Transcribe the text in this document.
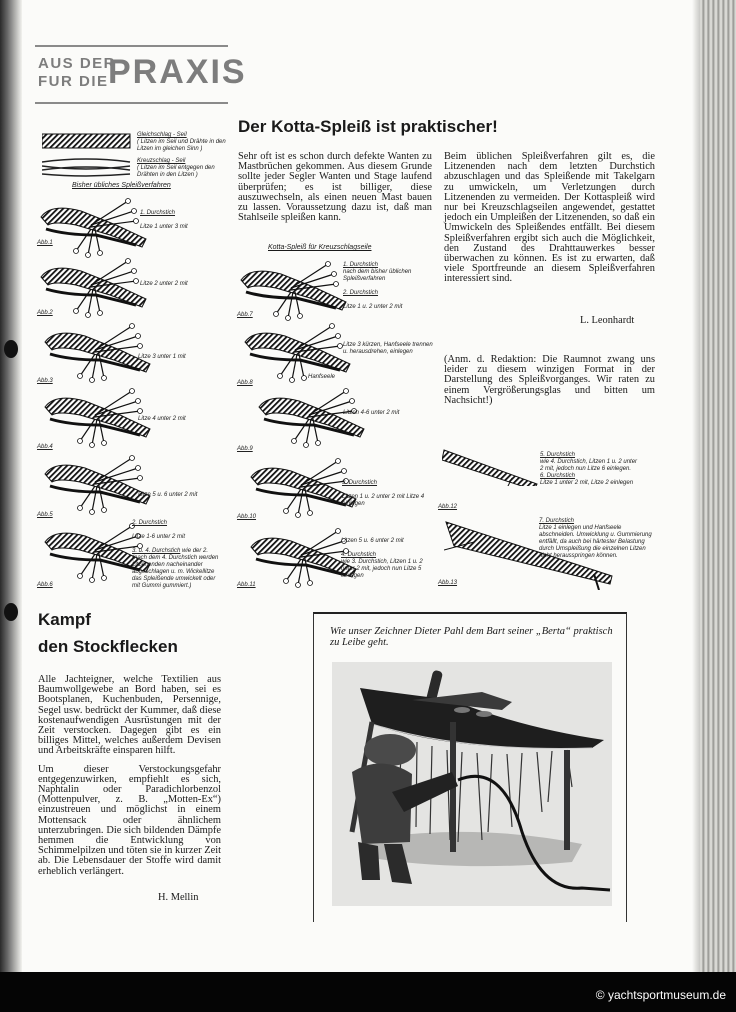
AUS DER
FUR DIE PRAXIS
Gleichschlag - Seil
( Litzen im Seil und Drähte in den Litzen im gleichen Sinn )
Kreuzschlag - Seil
( Litzen im Seil entgegen den Drähten in den Litzen )
Bisher übliches Spleißverfahren
1. Durchstich

Litze 1 unter 3 mit
Abb.1
Litze 2 unter 2 mit
Abb.2
Litze 3 unter 1 mit
Abb.3
Litze 4 unter 2 mit
Abb.4
Litze 5 u. 6 unter 2 mit
Abb.5
2. Durchstich

Litze 1-6 unter 2 mit

3. u. 4. Durchstich wie der 2. (nach dem 4. Durchstich werden Litzenenden nacheinander abgeschlagen u. m. Wickellitze das Spleißende umwickelt oder mit Gummi gummiert.)
Abb.6
Der Kotta-Spleiß ist praktischer!
Sehr oft ist es schon durch defekte Wanten zu Mastbrüchen gekommen. Aus diesem Grunde sollte jeder Segler Wanten und Stage laufend überprüfen; es ist billiger, diese auszuwechseln, als einen neuen Mast bauen zu lassen. Voraussetzung dazu ist, daß man Stahlseile spleißen kann.
Kotta-Spleiß für Kreuzschlagseile
1. Durchstich
nach dem bisher üblichen Spleißverfahren

2. Durchstich

Litze 1 u. 2 unter 2 mit
Abb.7
Litze 3 kürzen, Hanfseele trennen u. herausdrehen, einlegen
Hanfseele
Abb.8
Litzen 4-6 unter 2 mit
Abb.9
3. Durchstich

Litzen 1 u. 2 unter 2 mit Litze 4 einlegen
Abb.10
Litzen 5 u. 6 unter 2 mit

4. Durchstich
wie 3. Durchstich, Litzen 1 u. 2 unter 2 mit, jedoch nun Litze 5 einlegen
Abb.11
Beim üblichen Spleißverfahren gilt es, die Litzenenden nach dem letzten Durchstich abzuschlagen und das Spleißende mit Takelgarn zu umwickeln, um Verletzungen durch Litzenenden zu vermeiden. Der Kottaspleiß wird nur bei Kreuzschlagseilen angewendet, gestattet jedoch ein Umpleißen der Litzenenden, so daß ein Umwickeln des Spleißendes entfällt. Bei diesem Spleißverfahren ergibt sich auch die Möglichkeit, den Zustand des Drahttauwerkes besser überwachen zu können. Es ist zu erwarten, daß viele Sportfreunde an diesem Spleißverfahren interessiert sind.
L. Leonhardt
(Anm. d. Redaktion: Die Raumnot zwang uns leider zu diesem winzigen Format in der Darstellung des Spleißvorganges. Wir raten zu einem Vergrößerungsglas und bitten um Nachsicht!)
5. Durchstich
wie 4. Durchstich, Litzen 1 u. 2 unter 2 mit, jedoch nun Litze 6 einlegen.
6. Durchstich
Litze 1 unter 2 mit, Litze 2 einlegen
Abb.12
7. Durchstich
Litze 1 einlegen und Hanfseele abschneiden. Umwicklung u. Gummierung entfällt, da auch bei härtester Belastung durch Umspleißung die einzelnen Litzen nicht herausspringen können.
Abb.13
Kampf
den Stockflecken

Alle Jachteigner, welche Textilien aus Baumwollgewebe an Bord haben, sei es Bootsplanen, Kuchenbuden, Persennige, Segel usw. bedrückt der Kummer, daß diese kostenaufwendigen Ausrüstungen mit der Zeit verstocken. Dagegen gibt es ein billiges Mittel, welches außerdem Devisen und Arbeitskräfte einsparen hilft.

Um dieser Verstockungsgefahr entgegenzuwirken, empfiehlt es sich, Naphtalin oder Paradichlorbenzol (Mottenpulver, z. B. „Motten-Ex“) einzustreuen und möglichst in einem Mottensack oder ähnlichem unterzubringen. Die sich bildenden Dämpfe hemmen die Entwicklung von Schimmelpilzen und töten sie in kurzer Zeit ab. Die Lebensdauer der Stoffe wird damit erheblich verlängert.

H. Mellin
Wie unser Zeichner Dieter Pahl dem Bart seiner „Berta“ praktisch zu Leibe geht.
© yachtsportmuseum.de
